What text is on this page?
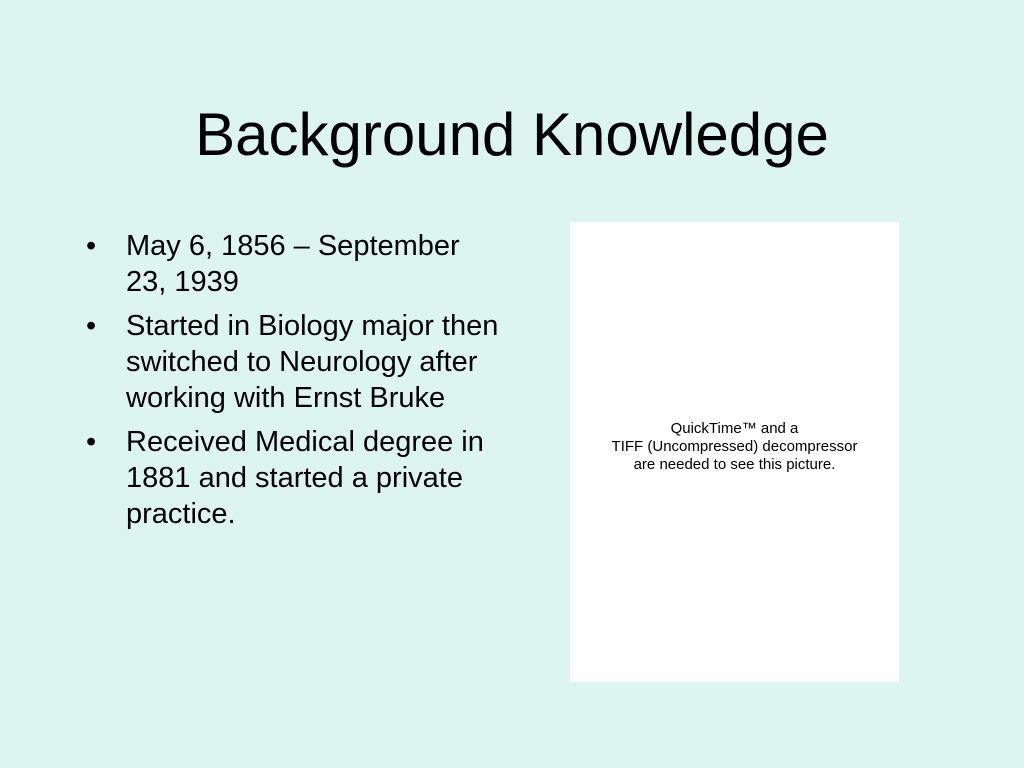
Background Knowledge
• May 6, 1856 – September 23, 1939
• Started in Biology major then switched to Neurology after working with Ernst Bruke
• Received Medical degree in 1881 and started a private practice.
QuickTime™ and a
TIFF (Uncompressed) decompressor
are needed to see this picture.
